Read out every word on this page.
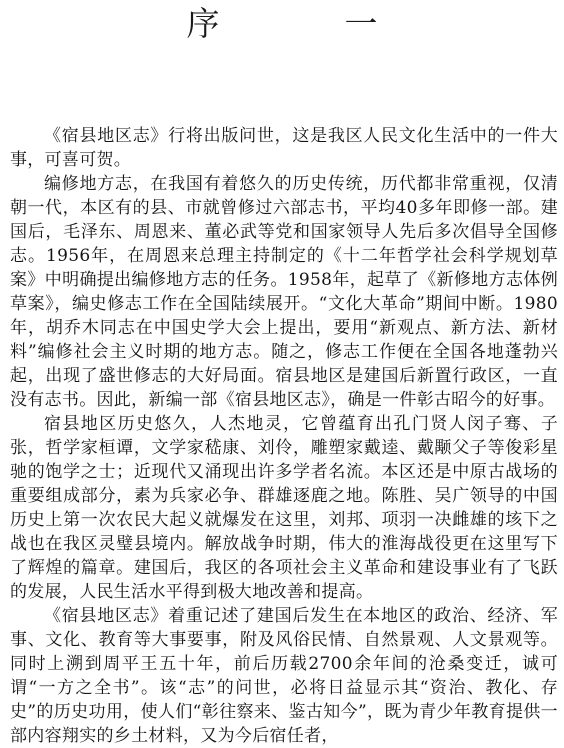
序　一

《宿县地区志》行将出版问世，这是我区人民文化生活中的一件大事，可喜可贺。

编修地方志，在我国有着悠久的历史传统，历代都非常重视，仅清朝一代，本区有的县、市就曾修过六部志书，平均40多年即修一部。建国后，毛泽东、周恩来、董必武等党和国家领导人先后多次倡导全国修志。1956年，在周恩来总理主持制定的《十二年哲学社会科学规划草案》中明确提出编修地方志的任务。1958年，起草了《新修地方志体例草案》，编史修志工作在全国陆续展开。“文化大革命”期间中断。1980年，胡乔木同志在中国史学大会上提出，要用“新观点、新方法、新材料”编修社会主义时期的地方志。随之，修志工作便在全国各地蓬勃兴起，出现了盛世修志的大好局面。宿县地区是建国后新置行政区，一直没有志书。因此，新编一部《宿县地区志》，确是一件彰古昭今的好事。

宿县地区历史悠久，人杰地灵，它曾蕴育出孔门贤人闵子骞、子张，哲学家桓谭，文学家嵇康、刘伶，雕塑家戴逵、戴颙父子等俊彩星驰的饱学之士；近现代又涌现出许多学者名流。本区还是中原古战场的重要组成部分，素为兵家必争、群雄逐鹿之地。陈胜、吴广领导的中国历史上第一次农民大起义就爆发在这里，刘邦、项羽一决雌雄的垓下之战也在我区灵璧县境内。解放战争时期，伟大的淮海战役更在这里写下了辉煌的篇章。建国后，我区的各项社会主义革命和建设事业有了飞跃的发展，人民生活水平得到极大地改善和提高。

《宿县地区志》着重记述了建国后发生在本地区的政治、经济、军事、文化、教育等大事要事，附及风俗民情、自然景观、人文景观等。同时上溯到周平王五十年，前后历载2700余年间的沧桑变迁，诚可谓“一方之全书”。该“志”的问世，必将日益显示其“资治、教化、存史”的历史功用，使人们“彰往察来、鉴古知今”，既为青少年教育提供一部内容翔实的乡土材料，又为今后宿任者，
